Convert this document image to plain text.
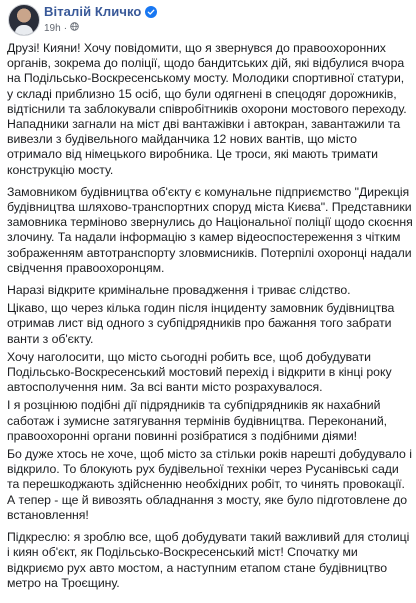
Віталій Кличко
19h ·

Друзі! Кияни! Хочу повідомити, що я звернувся до правоохоронних органів, зокрема до поліції, щодо бандитських дій, які відбулися вчора на Подільсько-Воскресенському мосту. Молодики спортивної статури, у складі приблизно 15 осіб, що були одягнені в спецодяг дорожників, відтіснили та заблокували співробітників охорони мостового переходу. Нападники загнали на міст дві вантажівки і автокран, завантажили та вивезли з будівельного майданчика 12 нових вантів, що місто отримало від німецького виробника. Це троси, які мають тримати конструкцію мосту.

Замовником будівництва об'єкту є комунальне підприємство "Дирекція будівництва шляхово-транспортних споруд міста Києва". Представники замовника терміново звернулись до Національної поліції щодо скоєння злочину. Та надали інформацію з камер відеоспостереження з чітким зображенням автотранспорту зловмисників. Потерпілі охоронці надали свідчення правоохоронцям.

Наразі відкрите кримінальне провадження і триває слідство.

Цікаво, що через кілька годин після інциденту замовник будівництва отримав лист від одного з субпідрядників про бажання того забрати ванти з об'єкту.

Хочу наголосити, що місто сьогодні робить все, щоб добудувати Подільсько-Воскресенський мостовий перехід і відкрити в кінці року автосполучення ним. За всі ванти місто розрахувалося.

І я розцінюю подібні дії підрядників та субпідрядників як нахабний саботаж і зумисне затягування термінів будівництва. Переконаний, правоохоронні органи повинні розібратися з подібними діями!

Бо дуже хтось не хоче, щоб місто за стільки років нарешті добудувало і відкрило. То блокують рух будівельної техніки через Русанівські сади та перешкоджають здійсненню необхідних робіт, то чинять провокації. А тепер - ще й вивозять обладнання з мосту, яке було підготовлене до встановлення!

Підкреслю: я зроблю все, щоб добудувати такий важливий для столиці і киян об'єкт, як Подільсько-Воскресенський міст! Спочатку ми відкриємо рух авто мостом, а наступним етапом стане будівництво метро на Троєщину.
